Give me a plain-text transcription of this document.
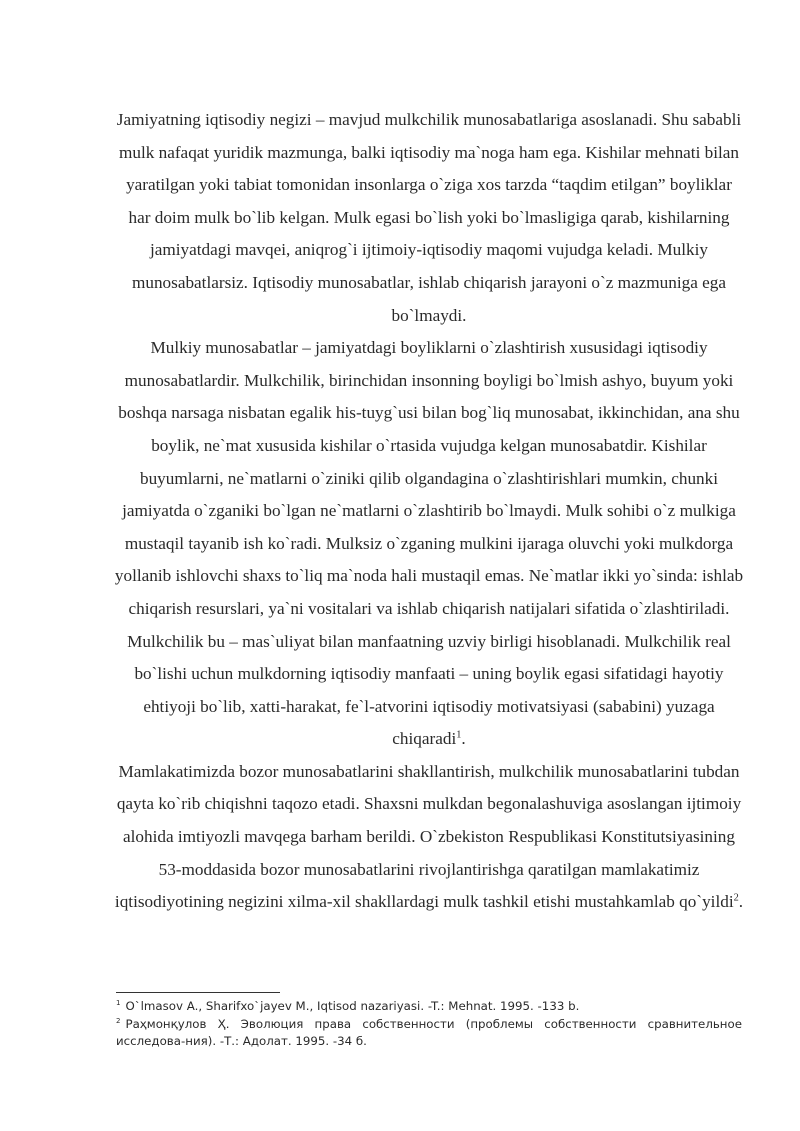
Jamiyatning iqtisodiy negizi – mavjud mulkchilik munosabatlariga asoslanadi. Shu sababli mulk nafaqat yuridik mazmunga, balki iqtisodiy ma`noga ham ega. Kishilar mehnati bilan yaratilgan yoki tabiat tomonidan insonlarga o`ziga xos tarzda “taqdim etilgan” boyliklar har doim mulk bo`lib kelgan. Mulk egasi bo`lish yoki bo`lmasligiga qarab, kishilarning jamiyatdagi mavqei, aniqrog`i ijtimoiy-iqtisodiy maqomi vujudga keladi. Mulkiy munosabatlarsiz. Iqtisodiy munosabatlar, ishlab chiqarish jarayoni o`z mazmuniga ega bo`lmaydi.

Mulkiy munosabatlar – jamiyatdagi boyliklarni o`zlashtirish xususidagi iqtisodiy munosabatlardir. Mulkchilik, birinchidan insonning boyligi bo`lmish ashyo, buyum yoki boshqa narsaga nisbatan egalik his-tuyg`usi bilan bog`liq munosabat, ikkinchidan, ana shu boylik, ne`mat xususida kishilar o`rtasida vujudga kelgan munosabatdir. Kishilar buyumlarni, ne`matlarni o`ziniki qilib olgandagina o`zlashtirishlari mumkin, chunki jamiyatda o`zganiki bo`lgan ne`matlarni o`zlashtirib bo`lmaydi. Mulk sohibi o`z mulkiga mustaqil tayanib ish ko`radi. Mulksiz o`zganing mulkini ijaraga oluvchi yoki mulkdorga yollanib ishlovchi shaxs to`liq ma`noda hali mustaqil emas. Ne`matlar ikki yo`sinda: ishlab chiqarish resurslari, ya`ni vositalari va ishlab chiqarish natijalari sifatida o`zlashtiriladi. Mulkchilik bu – mas`uliyat bilan manfaatning uzviy birligi hisoblanadi. Mulkchilik real bo`lishi uchun mulkdorning iqtisodiy manfaati – uning boylik egasi sifatidagi hayotiy ehtiyoji bo`lib, xatti-harakat, fe`l-atvorini iqtisodiy motivatsiyasi (sababini) yuzaga chiqaradi$^1$.

Mamlakatimizda bozor munosabatlarini shakllantirish, mulkchilik munosabatlarini tubdan qayta ko`rib chiqishni taqozo etadi. Shaxsni mulkdan begonalashuviga asoslangan ijtimoiy alohida imtiyozli mavqega barham berildi. O`zbekiston Respublikasi Konstitutsiyasining 53-moddasida bozor munosabatlarini rivojlantirishga qaratilgan mamlakatimiz iqtisodiyotining negizini xilma-xil shakllardagi mulk tashkil etishi mustahkamlab qo`yildi$^2$.

$^1$ O`lmasov A., Sharifxo`jayev M., Iqtisod nazariyasi. -T.: Mehnat. 1995. -133 b.

$^2$ Раҳмонқулов Ҳ. Эволюция права собственности (проблемы собственности сравнительное исследова-ния). -Т.: Адолат. 1995. -34 б.
